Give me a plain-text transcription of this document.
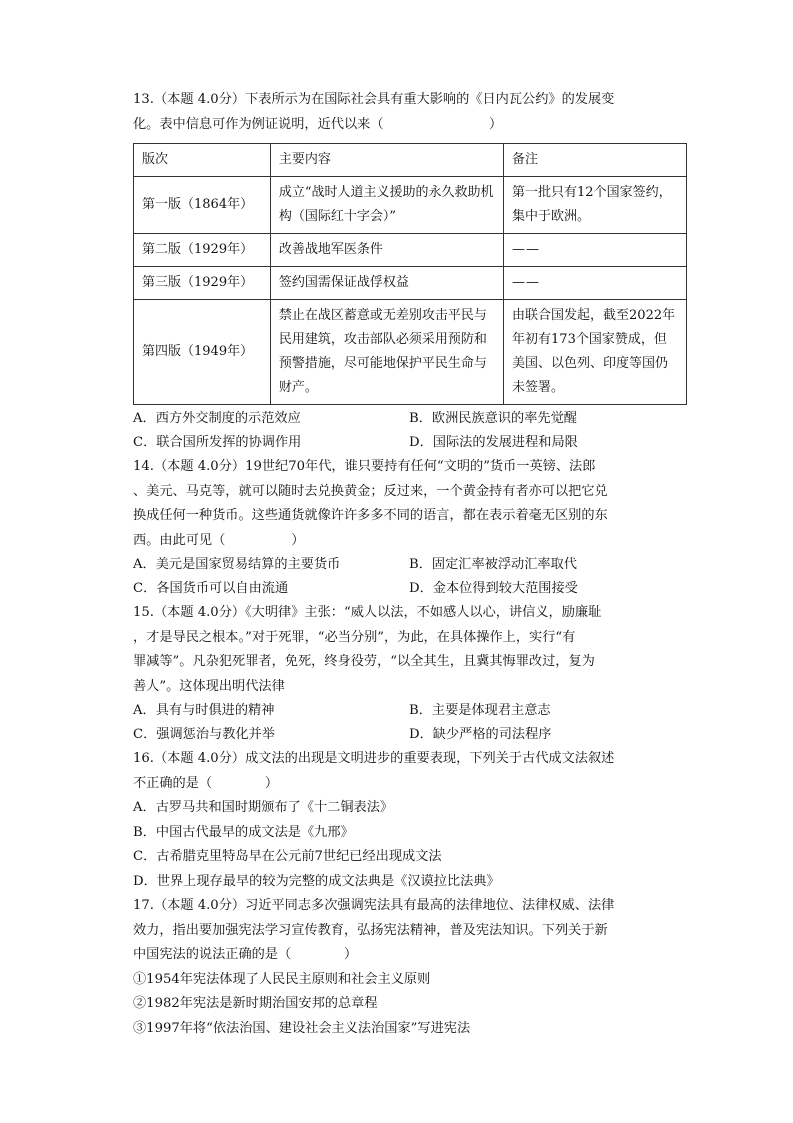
13.（本题 4.0分）下表所示为在国际社会具有重大影响的《日内瓦公约》的发展变
化。表中信息可作为例证说明，近代以来（　　　　　　　　）
版次	主要内容	备注
第一版（1864年）	成立“战时人道主义援助的永久救助机构（国际红十字会）”	第一批只有12个国家签约，集中于欧洲。
第二版（1929年）	改善战地军医条件	——
第三版（1929年）	签约国需保证战俘权益	——
第四版（1949年）	禁止在战区蓄意或无差别攻击平民与民用建筑，攻击部队必须采用预防和预警措施，尽可能地保护平民生命与财产。	由联合国发起，截至2022年年初有173个国家赞成，但美国、以色列、印度等国仍未签署。
A．西方外交制度的示范效应	B．欧洲民族意识的率先觉醒
C．联合国所发挥的协调作用	D．国际法的发展进程和局限
14.（本题 4.0分）19世纪70年代，谁只要持有任何“文明的”货币一英镑、法郎
、美元、马克等，就可以随时去兑换黄金；反过来，一个黄金持有者亦可以把它兑
换成任何一种货币。这些通货就像许许多多不同的语言，都在表示着毫无区别的东
西。由此可见（　　　　　）
A．美元是国家贸易结算的主要货币	B．固定汇率被浮动汇率取代
C．各国货币可以自由流通	D．金本位得到较大范围接受
15.（本题 4.0分）《大明律》主张：“威人以法，不如感人以心，讲信义，励廉耻
，才是导民之根本。”对于死罪，“必当分别”，为此，在具体操作上，实行“有
罪减等”。凡杂犯死罪者，免死，终身役劳，“以全其生，且冀其悔罪改过，复为
善人”。这体现出明代法律
A．具有与时俱进的精神	B．主要是体现君主意志
C．强调惩治与教化并举	D．缺少严格的司法程序
16.（本题 4.0分）成文法的出现是文明进步的重要表现，下列关于古代成文法叙述
不正确的是（　　　　）
A．古罗马共和国时期颁布了《十二铜表法》
B．中国古代最早的成文法是《九邢》
C．古希腊克里特岛早在公元前7世纪已经出现成文法
D．世界上现存最早的较为完整的成文法典是《汉谟拉比法典》
17.（本题 4.0分）习近平同志多次强调宪法具有最高的法律地位、法律权威、法律
效力，指出要加强宪法学习宣传教育，弘扬宪法精神，普及宪法知识。下列关于新
中国宪法的说法正确的是（　　　　）
①1954年宪法体现了人民民主原则和社会主义原则
②1982年宪法是新时期治国安邦的总章程
③1997年将“依法治国、建设社会主义法治国家”写进宪法
